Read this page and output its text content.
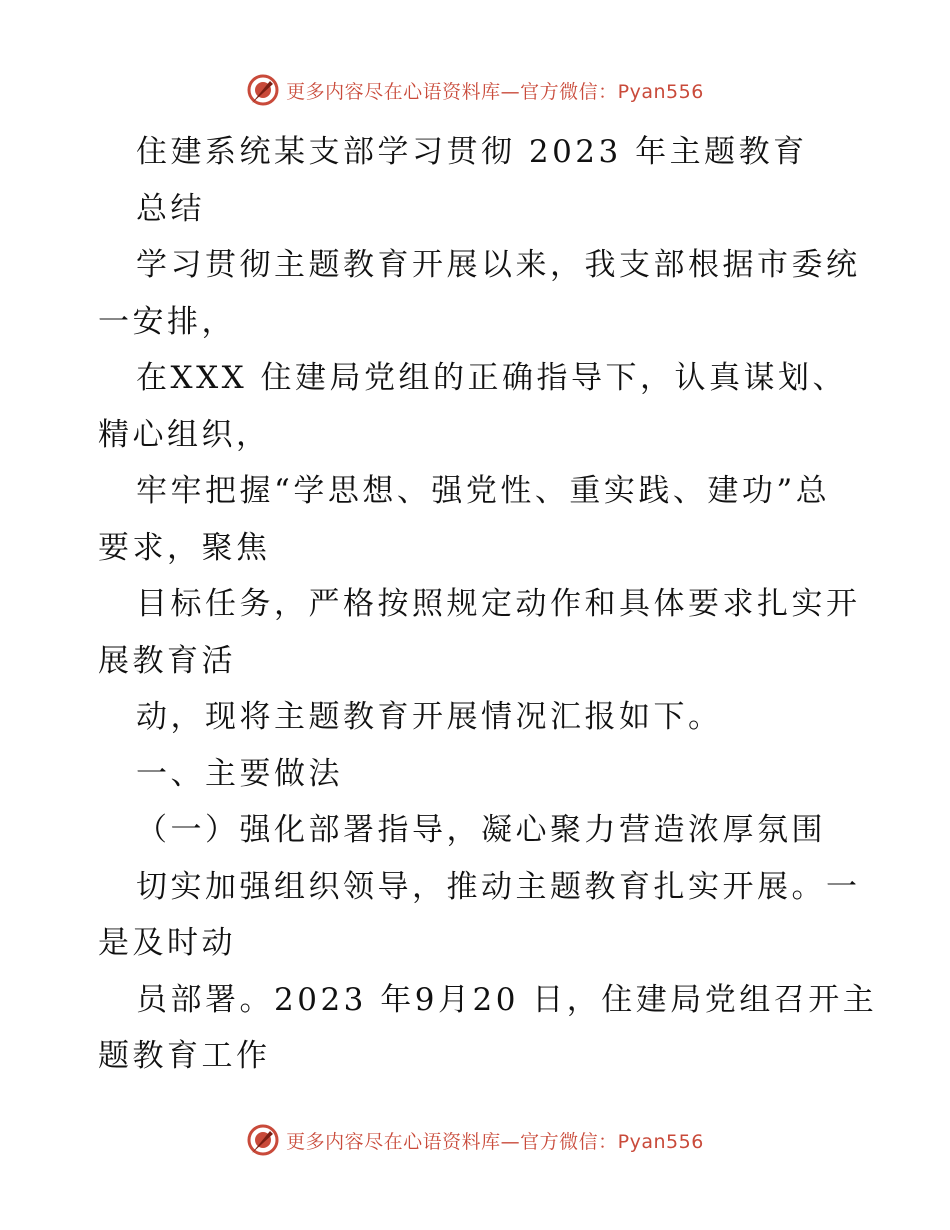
更多内容尽在心语资料库—官方微信：Pyan556
住建系统某支部学习贯彻 2023 年主题教育
总结
学习贯彻主题教育开展以来，我支部根据市委统
一安排，
在XXX 住建局党组的正确指导下，认真谋划、
精心组织，
牢牢把握“学思想、强党性、重实践、建功”总
要求，聚焦
目标任务，严格按照规定动作和具体要求扎实开
展教育活
动，现将主题教育开展情况汇报如下。
一、主要做法
（一）强化部署指导，凝心聚力营造浓厚氛围
切实加强组织领导，推动主题教育扎实开展。一
是及时动
员部署。2023 年9月20 日，住建局党组召开主
题教育工作
更多内容尽在心语资料库—官方微信：Pyan556
